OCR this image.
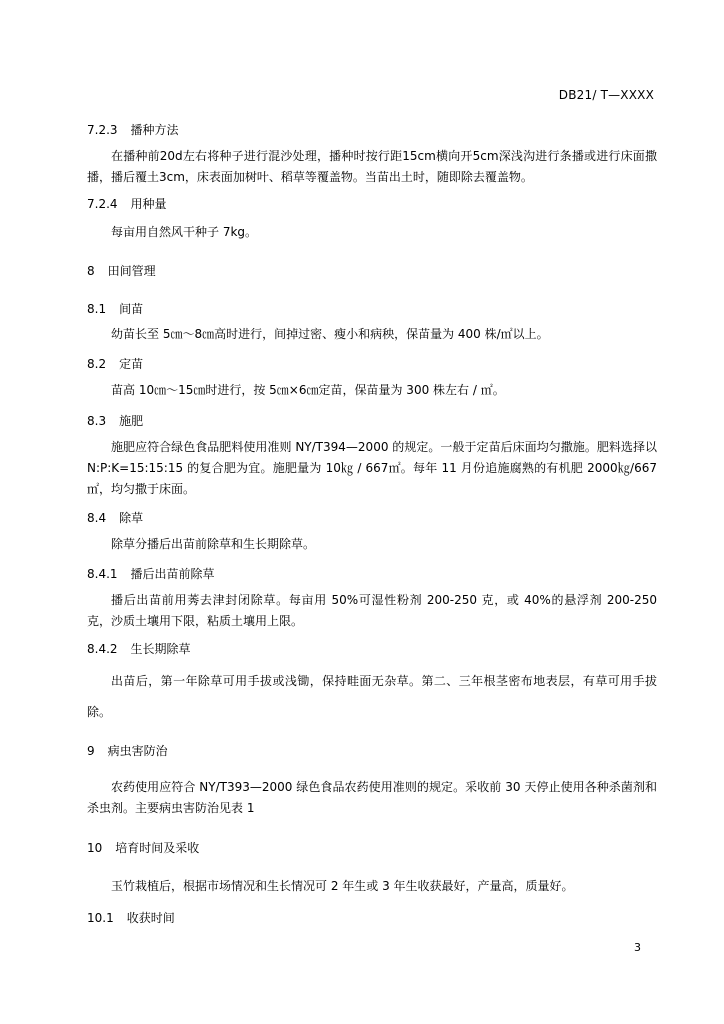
DB21/ T—XXXX
7.2.3 播种方法
在播种前20d左右将种子进行混沙处理，播种时按行距15cm横向开5cm深浅沟进行条播或进行床面撒播，播后覆土3cm，床表面加树叶、稻草等覆盖物。当苗出土时，随即除去覆盖物。
7.2.4 用种量
每亩用自然风干种子 7kg。
8 田间管理
8.1 间苗
幼苗长至 5㎝～8㎝高时进行，间掉过密、瘦小和病秧，保苗量为 400 株/㎡以上。
8.2 定苗
苗高 10㎝～15㎝时进行，按 5㎝×6㎝定苗，保苗量为 300 株左右 / ㎡。
8.3 施肥
施肥应符合绿色食品肥料使用准则 NY/T394—2000 的规定。一般于定苗后床面均匀撒施。肥料选择以 N:P:K=15:15:15 的复合肥为宜。施肥量为 10㎏ / 667㎡。每年 11 月份追施腐熟的有机肥 2000㎏/667㎡，均匀撒于床面。
8.4 除草
除草分播后出苗前除草和生长期除草。
8.4.1 播后出苗前除草
播后出苗前用莠去津封闭除草。每亩用 50%可湿性粉剂 200-250 克，或 40%的悬浮剂 200-250 克，沙质土壤用下限，粘质土壤用上限。
8.4.2 生长期除草
出苗后，第一年除草可用手拔或浅锄，保持畦面无杂草。第二、三年根茎密布地表层，有草可用手拔除。
9 病虫害防治
农药使用应符合 NY/T393—2000 绿色食品农药使用准则的规定。采收前 30 天停止使用各种杀菌剂和杀虫剂。主要病虫害防治见表 1
10 培育时间及采收
玉竹栽植后，根据市场情况和生长情况可 2 年生或 3 年生收获最好，产量高，质量好。
10.1 收获时间
3
